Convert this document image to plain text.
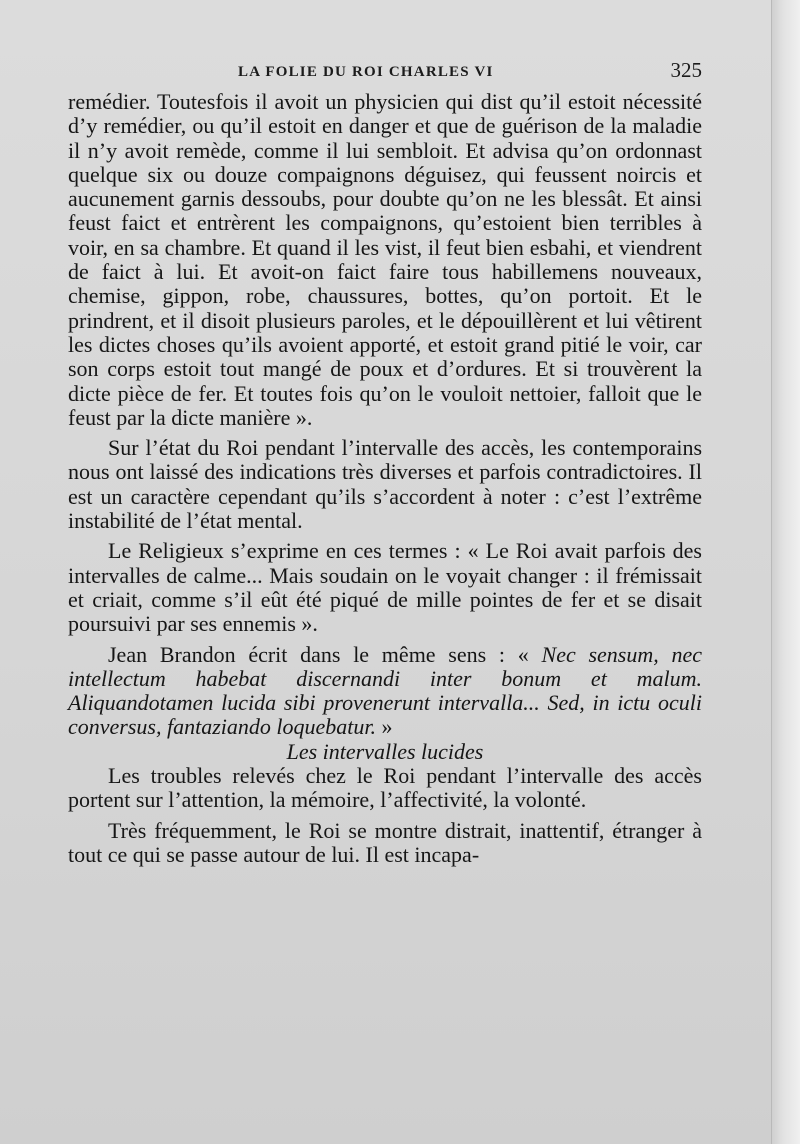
LA FOLIE DU ROI CHARLES VI	325

remédier. Toutesfois il avoit un physicien qui dist qu’il estoit nécessité d’y remédier, ou qu’il estoit en danger et que de guérison de la maladie il n’y avoit remède, comme il lui sembloit. Et advisa qu’on ordonnast quelque six ou douze compaignons déguisez, qui feussent noircis et aucunement garnis dessoubs, pour doubte qu’on ne les blessât. Et ainsi feust faict et entrèrent les compaignons, qu’estoient bien terribles à voir, en sa chambre. Et quand il les vist, il feut bien esbahi, et viendrent de faict à lui. Et avoit-on faict faire tous habillemens nouveaux, chemise, gippon, robe, chaussures, bottes, qu’on portoit. Et le prindrent, et il disoit plusieurs paroles, et le dépouillèrent et lui vêtirent les dictes choses qu’ils avoient apporté, et estoit grand pitié le voir, car son corps estoit tout mangé de poux et d’ordures. Et si trouvèrent la dicte pièce de fer. Et toutes fois qu’on le vouloit nettoier, falloit que le feust par la dicte manière ».

Sur l’état du Roi pendant l’intervalle des accès, les contemporains nous ont laissé des indications très diverses et parfois contradictoires. Il est un caractère cependant qu’ils s’accordent à noter : c’est l’extrême instabilité de l’état mental.

Le Religieux s’exprime en ces termes : « Le Roi avait parfois des intervalles de calme... Mais soudain on le voyait changer : il frémissait et criait, comme s’il eût été piqué de mille pointes de fer et se disait poursuivi par ses ennemis ».

Jean Brandon écrit dans le même sens : « Nec sensum, nec intellectum habebat discernandi inter bonum et malum. Aliquandotamen lucida sibi provenerunt intervalla... Sed, in ictu oculi conversus, fantaziando loquebatur. »

Les intervalles lucides

Les troubles relevés chez le Roi pendant l’intervalle des accès portent sur l’attention, la mémoire, l’affectivité, la volonté.

Très fréquemment, le Roi se montre distrait, inattentif, étranger à tout ce qui se passe autour de lui. Il est incapa-
